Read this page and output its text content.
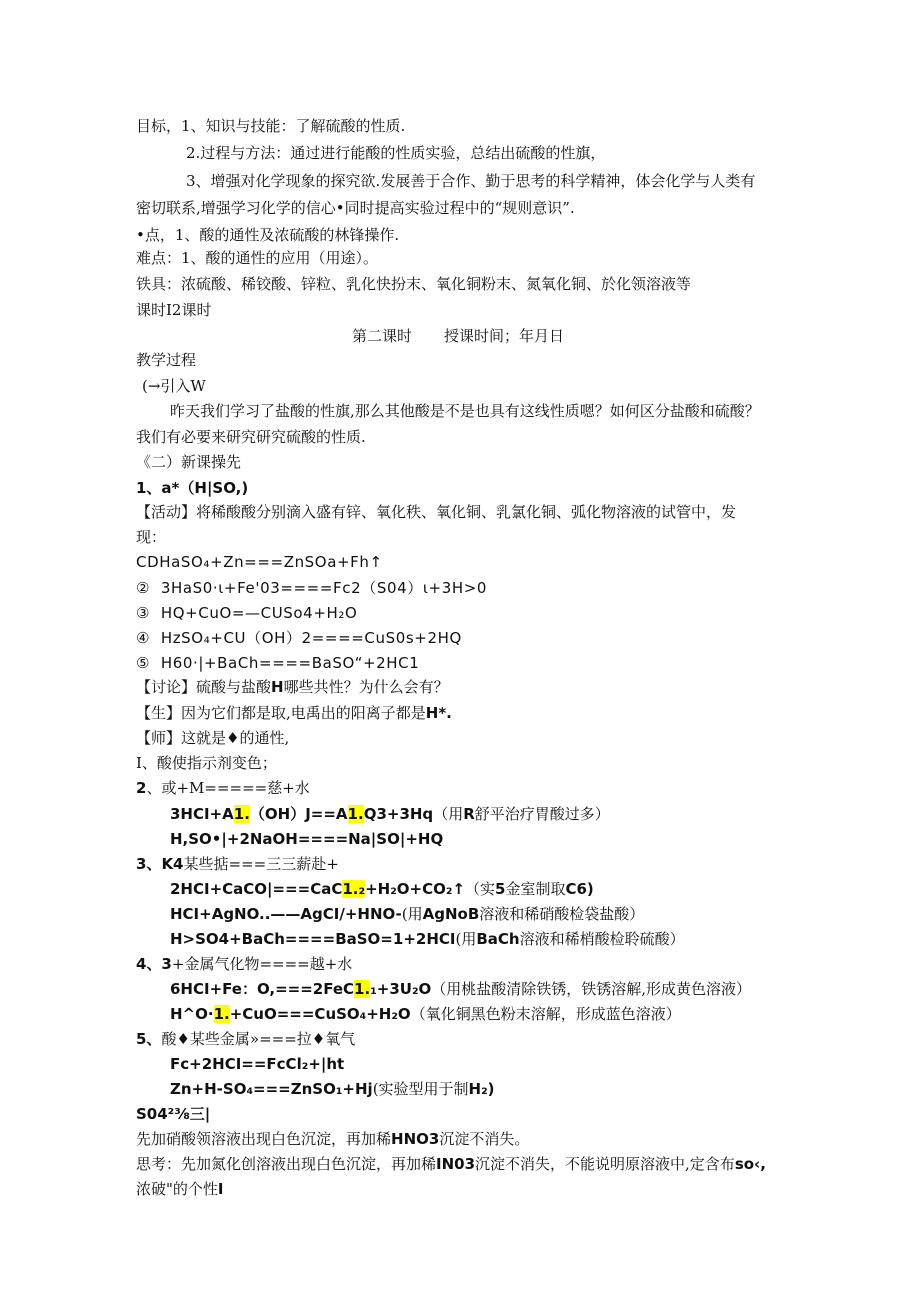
目标，1、知识与技能：了解硫酸的性质.
2.过程与方法：通过进行能酸的性质实验，总结出硫酸的性旗，
3、增强对化学现象的探究欲.发展善于合作、勤于思考的科学精神，体会化学与人类有
密切联系,增强学习化学的信心•同时提高实验过程中的“规则意识”.
•点，1、酸的通性及浓硫酸的林锋操作.
难点：1、酸的通性的应用（用途）。
铁具：浓硫酸、稀铰酸、锌粒、乳化快扮末、氧化铜粉末、氮氧化铜、於化领溶液等
课时I2课时
第二课时 授课时间；年月日
教学过程
(→引入W
昨天我们学习了盐酸的性旗,那么其他酸是不是也具有这线性质嗯？如何区分盐酸和硫酸？
我们有必要来研究研究硫酸的性质.
《二）新课操先
1、a*（H|SO,)
【活动】将稀酸酸分别滴入盛有锌、氧化秩、氧化铜、乳氯化铜、弧化物溶液的试管中，发
现：
CDHaSO₄+Zn===ZnSOa+Fh↑
② 3HaS0·ι+Fe'03====Fc2（S04）ι+3H>0
③ HQ+CuO=—CUSo4+H₂O
④ HzSO₄+CU（OH）2====CuS0s+2HQ
⑤ H60·|+BaCh====BaSO“+2HC1
【讨论】硫酸与盐酸H哪些共性？为什么会有？
【生】因为它们都是取,电禹出的阳离子都是H*.
【师】这就是♦的通性,
I、酸使指示剂变色；
2、或+M=====慈+水
3HCI+A1.（OH）J==A1.Q3+3Hq（用R舒平治疗胃酸过多）
H,SO•|+2NaOH====Na|SO|+HQ
3、K4某些掂===三三薪赴+
2HCI+CaCO|===CaC1.₂+H₂O+CO₂↑（实5金室制取C6)
HCI+AgNO..——AgCI/+HNO-(用AgNoB溶液和稀硝酸检袋盐酸）
H>SO4+BaCh====BaSO=1+2HCI(用BaCh溶液和稀梢酸检聆硫酸）
4、3+金属气化物====越+水
6HCI+Fe：O,===2FeC1.₁+3U₂O（用桃盐酸清除铁锈，铁锈溶解,形成黄色溶液）
H^O·1.+CuO===CuSO₄+H₂O（氧化铜黑色粉末溶解，形成蓝色溶液）
5、酸♦某些金属»===拉♦氧气
Fc+2HCI==FcCl₂+|ht
Zn+H-SO₄===ZnSO₁+Hj(实验型用于制H₂)
S04²⅜三|
先加硝酸领溶液出现白色沉淀，再加稀HNO3沉淀不消失。
思考：先加氮化创溶液出现白色沉淀，再加稀IN03沉淀不消失，不能说明原溶液中,定含布so‹,
浓破"的个性I
